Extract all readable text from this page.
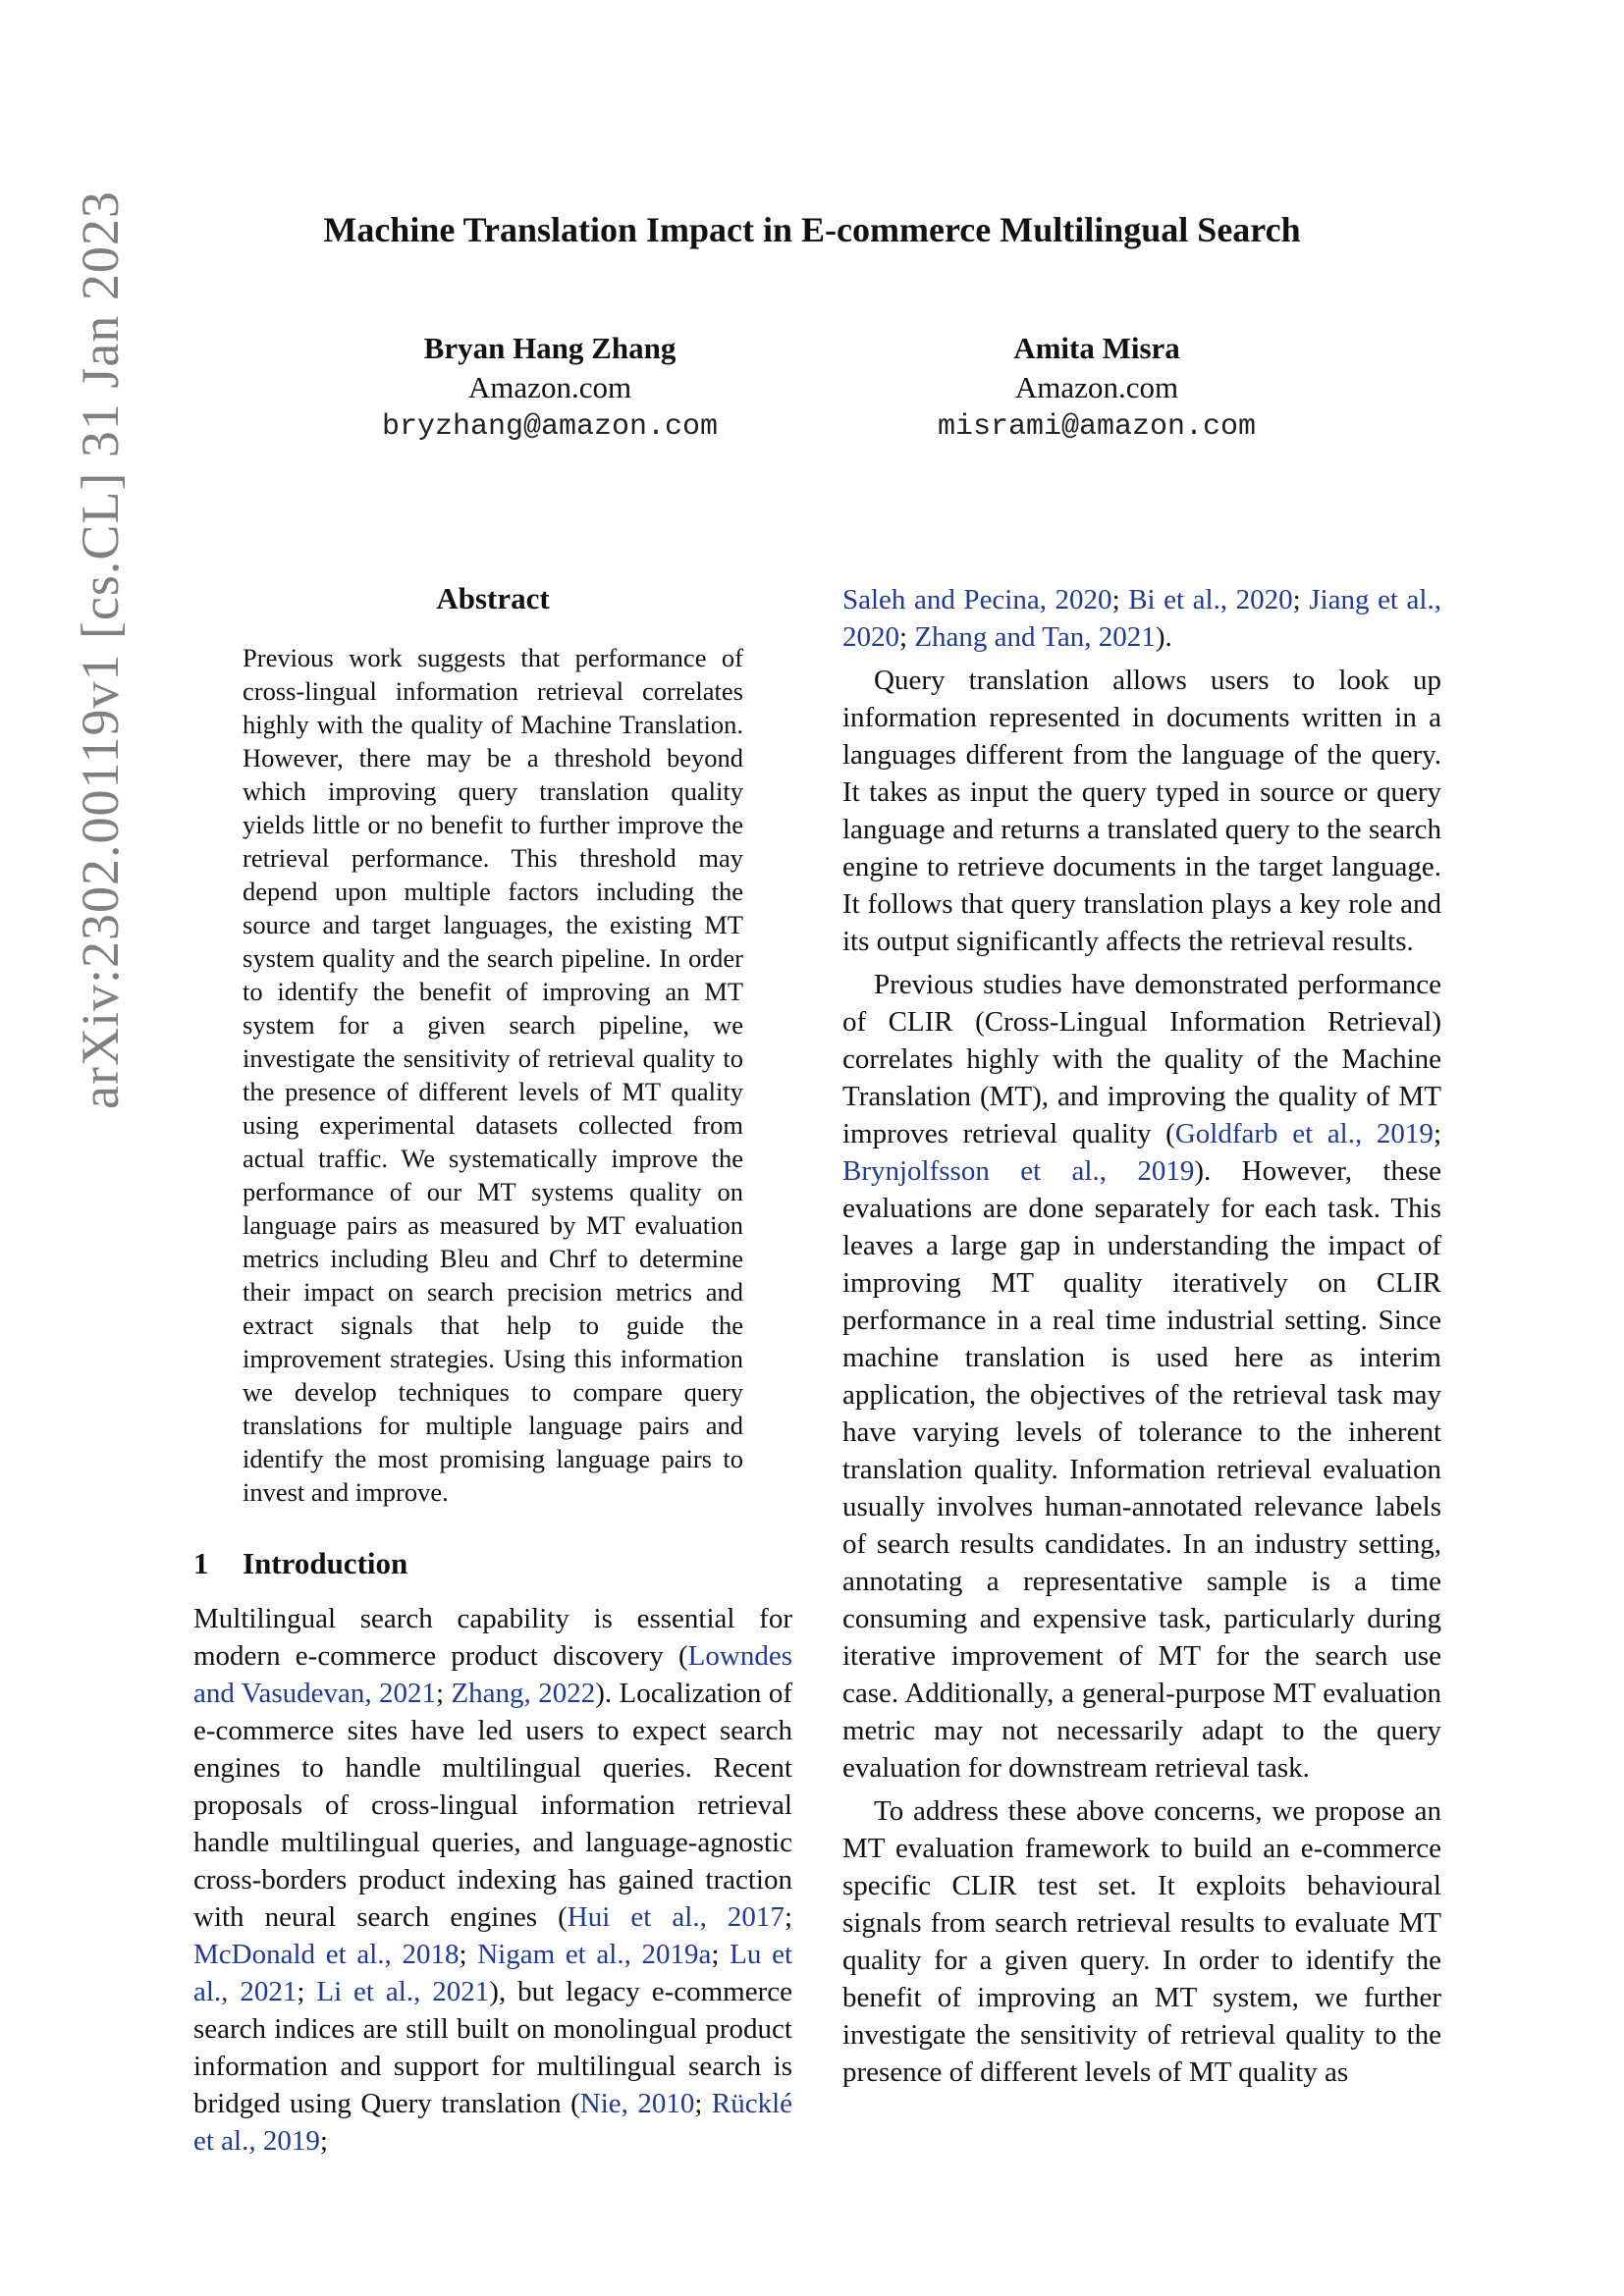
arXiv:2302.00119v1 [cs.CL] 31 Jan 2023	Machine Translation Impact in E-commerce Multilingual Search
Bryan Hang Zhang
Amazon.com
bryzhang@amazon.com
Amita Misra
Amazon.com
misrami@amazon.com
Abstract

Previous work suggests that performance of cross-lingual information retrieval correlates highly with the quality of Machine Translation. However, there may be a threshold beyond which improving query translation quality yields little or no benefit to further improve the retrieval performance. This threshold may depend upon multiple factors including the source and target languages, the existing MT system quality and the search pipeline. In order to identify the benefit of improving an MT system for a given search pipeline, we investigate the sensitivity of retrieval quality to the presence of different levels of MT quality using experimental datasets collected from actual traffic. We systematically improve the performance of our MT systems quality on language pairs as measured by MT evaluation metrics including Bleu and Chrf to determine their impact on search precision metrics and extract signals that help to guide the improvement strategies. Using this information we develop techniques to compare query translations for multiple language pairs and identify the most promising language pairs to invest and improve.

1 Introduction

Multilingual search capability is essential for modern e-commerce product discovery (Lowndes and Vasudevan, 2021; Zhang, 2022). Localization of e-commerce sites have led users to expect search engines to handle multilingual queries. Recent proposals of cross-lingual information retrieval handle multilingual queries, and language-agnostic cross-borders product indexing has gained traction with neural search engines (Hui et al., 2017; McDonald et al., 2018; Nigam et al., 2019a; Lu et al., 2021; Li et al., 2021), but legacy e-commerce search indices are still built on monolingual product information and support for multilingual search is bridged using Query translation (Nie, 2010; Rücklé et al., 2019;

Saleh and Pecina, 2020; Bi et al., 2020; Jiang et al., 2020; Zhang and Tan, 2021).

Query translation allows users to look up information represented in documents written in a languages different from the language of the query. It takes as input the query typed in source or query language and returns a translated query to the search engine to retrieve documents in the target language. It follows that query translation plays a key role and its output significantly affects the retrieval results.

Previous studies have demonstrated performance of CLIR (Cross-Lingual Information Retrieval) correlates highly with the quality of the Machine Translation (MT), and improving the quality of MT improves retrieval quality (Goldfarb et al., 2019; Brynjolfsson et al., 2019). However, these evaluations are done separately for each task. This leaves a large gap in understanding the impact of improving MT quality iteratively on CLIR performance in a real time industrial setting. Since machine translation is used here as interim application, the objectives of the retrieval task may have varying levels of tolerance to the inherent translation quality. Information retrieval evaluation usually involves human-annotated relevance labels of search results candidates. In an industry setting, annotating a representative sample is a time consuming and expensive task, particularly during iterative improvement of MT for the search use case. Additionally, a general-purpose MT evaluation metric may not necessarily adapt to the query evaluation for downstream retrieval task.

To address these above concerns, we propose an MT evaluation framework to build an e-commerce specific CLIR test set. It exploits behavioural signals from search retrieval results to evaluate MT quality for a given query. In order to identify the benefit of improving an MT system, we further investigate the sensitivity of retrieval quality to the presence of different levels of MT quality as
